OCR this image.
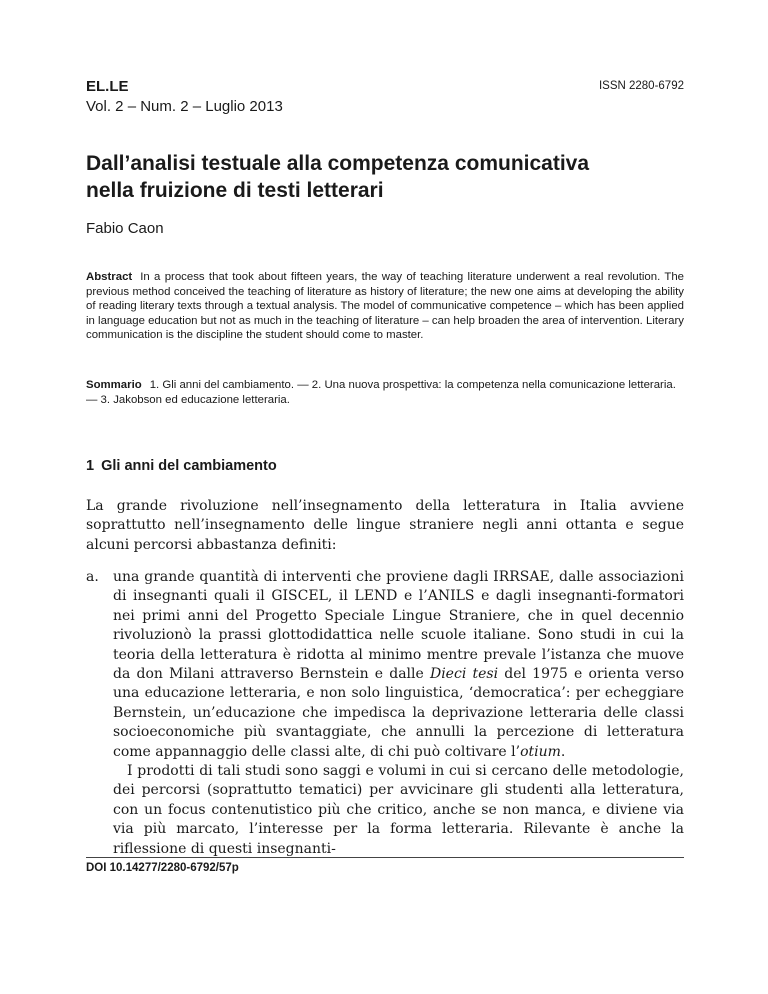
EL.LE
Vol. 2 – Num. 2 – Luglio 2013
ISSN 2280-6792
Dall’analisi testuale alla competenza comunicativa
nella fruizione di testi letterari
Fabio Caon

Abstract In a process that took about fifteen years, the way of teaching literature underwent a real revolution. The previous method conceived the teaching of literature as history of literature; the new one aims at developing the ability of reading literary texts through a textual analysis. The model of communicative competence – which has been applied in language education but not as much in the teaching of literature – can help broaden the area of intervention. Literary communication is the discipline the student should come to master.

Sommario 1. Gli anni del cambiamento. — 2. Una nuova prospettiva: la competenza nella comunicazione letteraria. — 3. Jakobson ed educazione letteraria.

1 Gli anni del cambiamento

La grande rivoluzione nell’insegnamento della letteratura in Italia avviene soprattutto nell’insegnamento delle lingue straniere negli anni ottanta e segue alcuni percorsi abbastanza definiti:

a. una grande quantità di interventi che proviene dagli IRRSAE, dalle associazioni di insegnanti quali il GISCEL, il LEND e l’ANILS e dagli insegnanti-formatori nei primi anni del Progetto Speciale Lingue Straniere, che in quel decennio rivoluzionò la prassi glottodidattica nelle scuole italiane. Sono studi in cui la teoria della letteratura è ridotta al minimo mentre prevale l’istanza che muove da don Milani attraverso Bernstein e dalle Dieci tesi del 1975 e orienta verso una educazione letteraria, e non solo linguistica, ‘democratica’: per echeggiare Bernstein, un’educazione che impedisca la deprivazione letteraria delle classi socioeconomiche più svantaggiate, che annulli la percezione di letteratura come appannaggio delle classi alte, di chi può coltivare l’otium.

I prodotti di tali studi sono saggi e volumi in cui si cercano delle metodologie, dei percorsi (soprattutto tematici) per avvicinare gli studenti alla letteratura, con un focus contenutistico più che critico, anche se non manca, e diviene via via più marcato, l’interesse per la forma letteraria. Rilevante è anche la riflessione di questi insegnanti-

DOI 10.14277/2280-6792/57p
